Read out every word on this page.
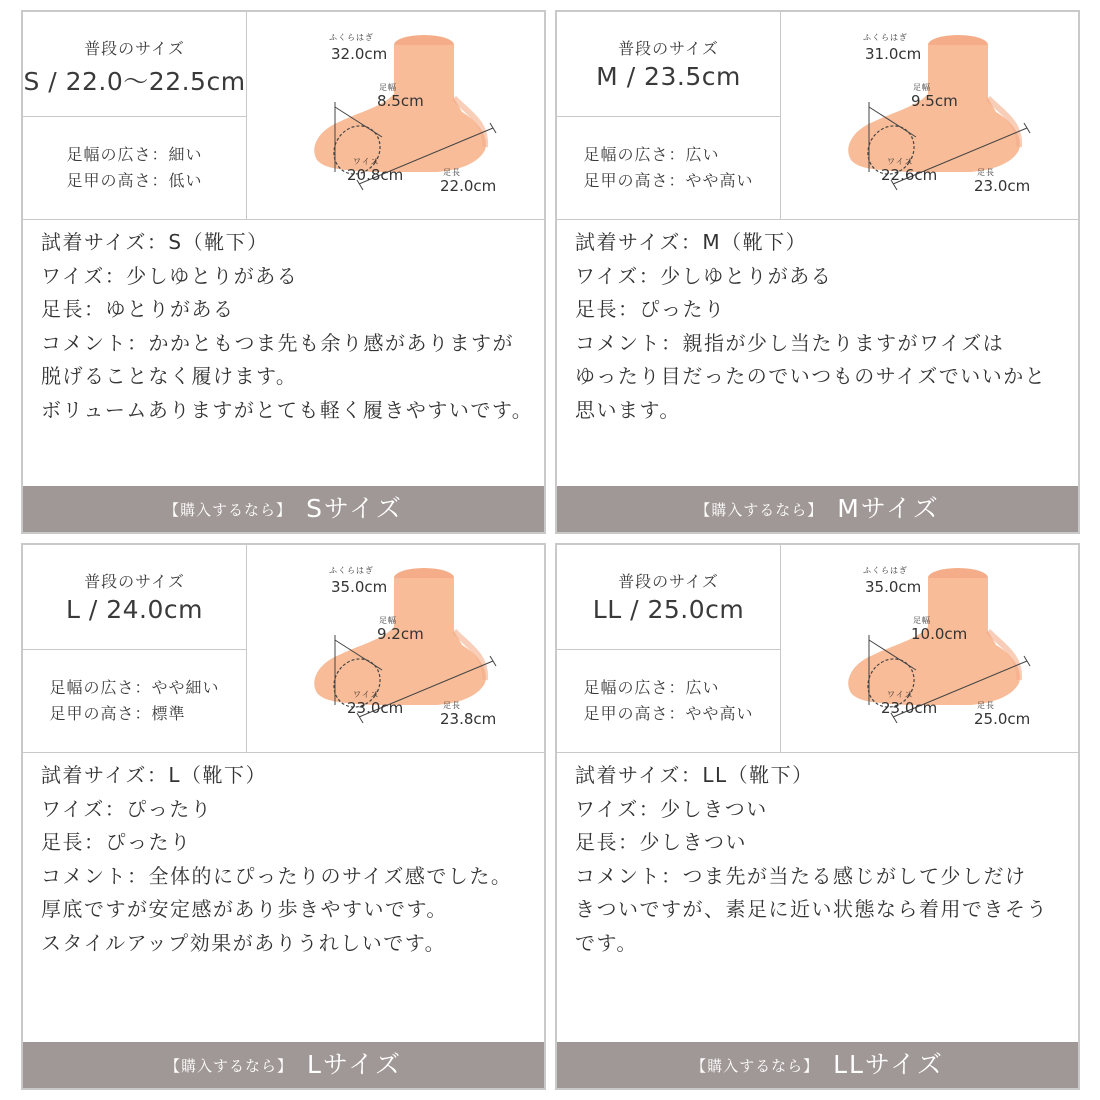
普段のサイズ
S / 22.0～22.5cm
足幅の広さ：細い
足甲の高さ：低い
ふくらはぎ
32.0cm
足幅
8.5cm
ワイズ
20.8cm	足長
22.0cm
試着サイズ：S（靴下）
ワイズ：少しゆとりがある
足長：ゆとりがある
コメント：かかともつま先も余り感がありますが
脱げることなく履けます。
ボリュームありますがとても軽く履きやすいです。
【購入するなら】 Sサイズ
普段のサイズ
M / 23.5cm
足幅の広さ：広い
足甲の高さ：やや高い
ふくらはぎ
31.0cm
足幅
9.5cm
ワイズ
22.6cm	足長
23.0cm
試着サイズ：M（靴下）
ワイズ：少しゆとりがある
足長：ぴったり
コメント：親指が少し当たりますがワイズは
ゆったり目だったのでいつものサイズでいいかと
思います。
【購入するなら】 Mサイズ
普段のサイズ
L / 24.0cm
足幅の広さ：やや細い
足甲の高さ：標準
ふくらはぎ
35.0cm
足幅
9.2cm
ワイズ
23.0cm	足長
23.8cm
試着サイズ：L（靴下）
ワイズ：ぴったり
足長：ぴったり
コメント：全体的にぴったりのサイズ感でした。
厚底ですが安定感があり歩きやすいです。
スタイルアップ効果がありうれしいです。
【購入するなら】 Lサイズ
普段のサイズ
LL / 25.0cm
足幅の広さ：広い
足甲の高さ：やや高い
ふくらはぎ
35.0cm
足幅
10.0cm
ワイズ
23.0cm	足長
25.0cm
試着サイズ：LL（靴下）
ワイズ：少しきつい
足長：少しきつい
コメント：つま先が当たる感じがして少しだけ
きついですが、素足に近い状態なら着用できそう
です。
【購入するなら】 LLサイズ
